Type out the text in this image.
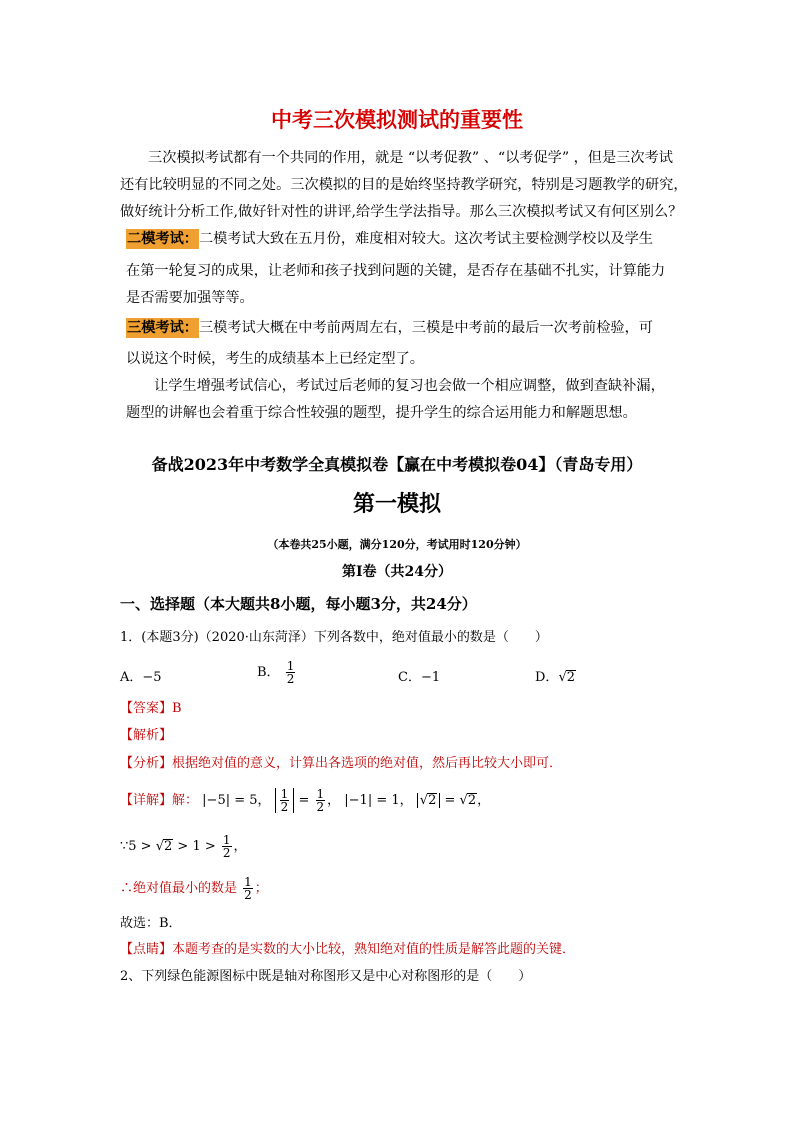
中考三次模拟测试的重要性
三次模拟考试都有一个共同的作用，就是 “以考促教” 、“以考促学” ，但是三次考试
还有比较明显的不同之处。三次模拟的目的是始终坚持教学研究，特别是习题教学的研究，
做好统计分析工作,做好针对性的讲评,给学生学法指导。那么三次模拟考试又有何区别么？
二模考试：二模考试大致在五月份，难度相对较大。这次考试主要检测学校以及学生
在第一轮复习的成果，让老师和孩子找到问题的关键，是否存在基础不扎实，计算能力
是否需要加强等等。
三模考试：三模考试大概在中考前两周左右，三模是中考前的最后一次考前检验，可
以说这个时候，考生的成绩基本上已经定型了。
让学生增强考试信心，考试过后老师的复习也会做一个相应调整，做到查缺补漏，
题型的讲解也会着重于综合性较强的题型，提升学生的综合运用能力和解题思想。
备战2023年中考数学全真模拟卷【赢在中考模拟卷04】（青岛专用）
第一模拟
（本卷共25小题，满分120分，考试用时120分钟）
第I卷（共24分）
一、选择题（本大题共8小题，每小题3分，共24分）
1．(本题3分)（2020·山东菏泽）下列各数中，绝对值最小的数是（　　）
A．−5	B． $\frac{1}{2}$	C．−1	D．√2
【答案】B
【解析】
【分析】根据绝对值的意义，计算出各选项的绝对值，然后再比较大小即可．
【详解】解： |−5| = 5， $\frac{1}{2} = \frac{1}{2}$ ， |−1| = 1， √2 = √2，
∵5 > $√2 > 1 > \frac{1}{2}$ ，
∴绝对值最小的数是 $\frac{1}{2}$ ；
故选：B．
【点睛】本题考查的是实数的大小比较，熟知绝对值的性质是解答此题的关键．
2、下列绿色能源图标中既是轴对称图形又是中心对称图形的是（　　）
